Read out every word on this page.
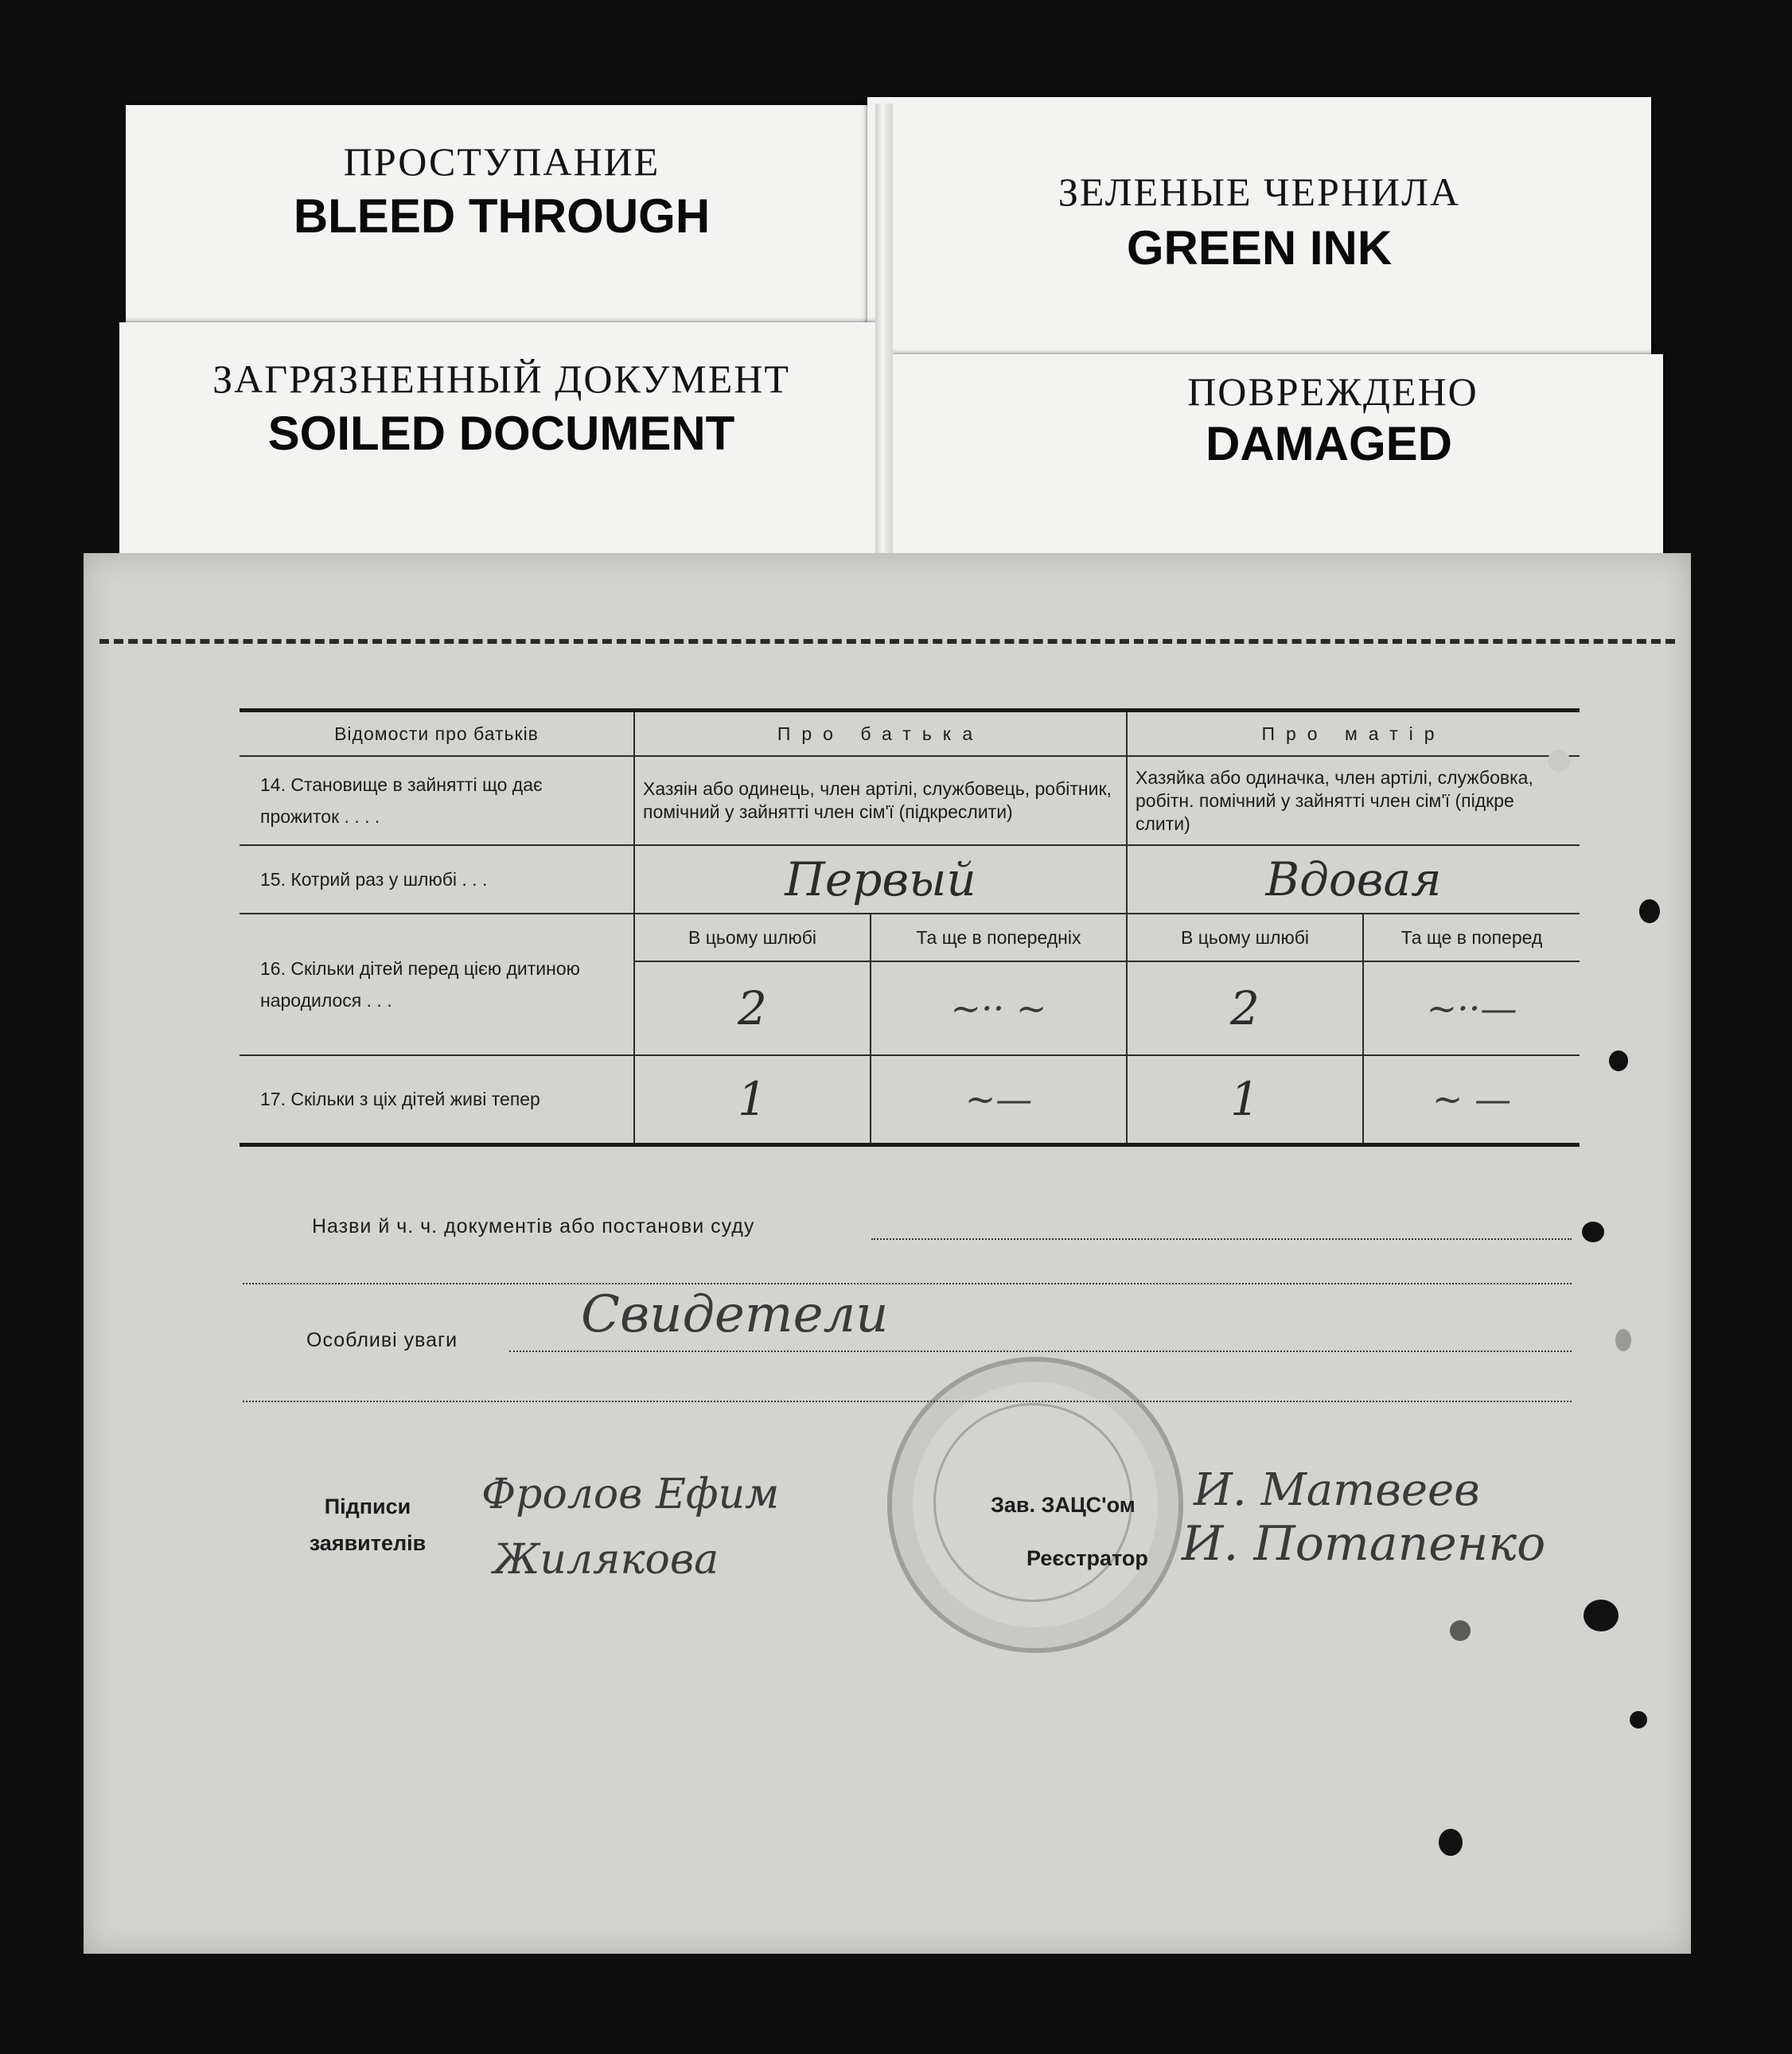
ПРОСТУПАНИЕ
BLEED THROUGH	ЗЕЛЕНЫЕ ЧЕРНИЛА
GREEN INK
ЗАГРЯЗНЕННЫЙ ДОКУМЕНТ
SOILED DOCUMENT
ПОВРЕЖДЕНО
DAMAGED
Відомости про батьків	Про батька		Про матір	
14. Становище в зайнятті що дає прожиток . . . .	Хазяін або одинець, член артілі, службовець, робітник, помічний у зайнятті член сім'ї (підкреслити)		Хазяйка або одиначка, член артілі, службовка, робітн. помічний у зайнятті член сім'ї (підкре слити)	
15. Котрий раз у шлюбі . . .	Первый		Вдовая	
16. Скільки дітей перед цією дитиною народилося . . .	В цьому шлюбі	Та ще в попередніх	В цьому шлюбі	Та ще в поперед
	2	~·· ~	2	~··—
17. Скільки з ціх дітей живі тепер	1	~—	1	~ —
Назви й ч. ч. документів або постанови суду
Особливі уваги	Свидетели
Підписи заявителів
Фролов Ефим
Жилякова
Зав. ЗАЦС'ом И. Матвеев
Реєстратор И. Потапенко
